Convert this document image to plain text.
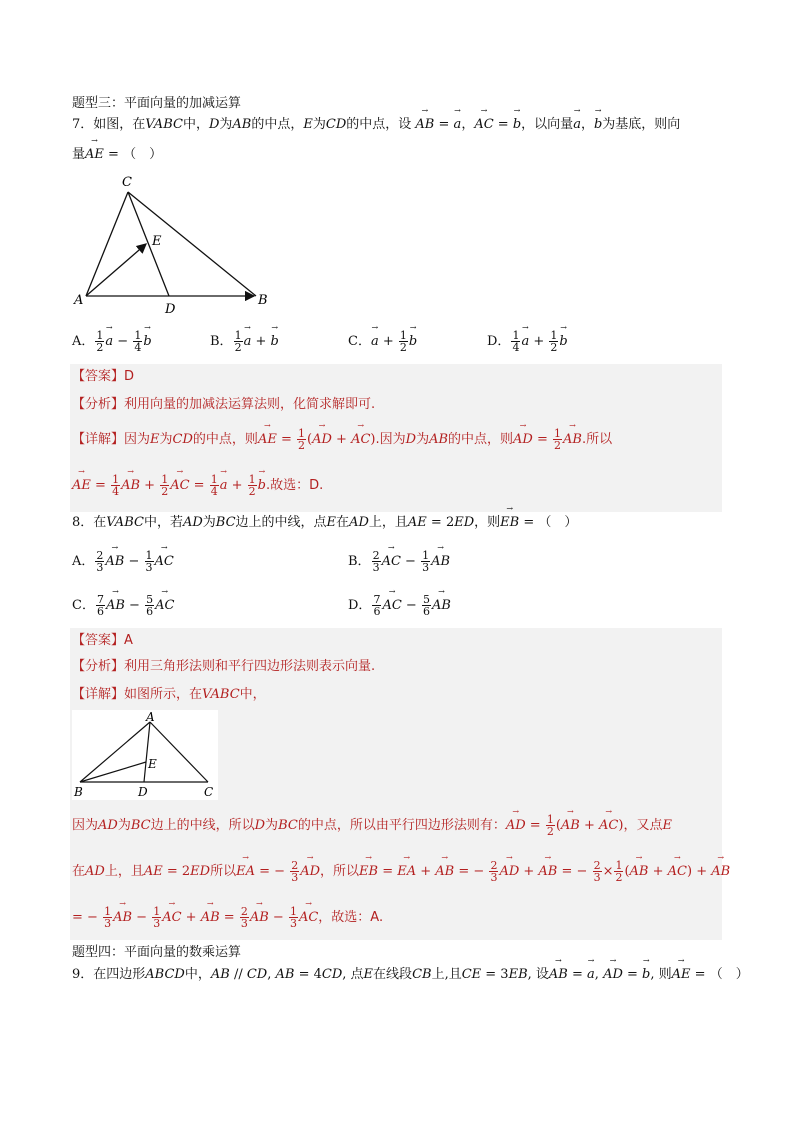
题型三：平面向量的加减运算
7．如图，在VABC中，D为AB的中点，E为CD的中点，设 → AB = → a，→ AC = → b，以向量→ a，→ b为基底，则向
量→ AE = （　）
C
A	B
D
E
A． $\frac{1}{2}$
→ $a - \frac{1}{4}$
→ b	B． $\frac{1}{2}$
→ a + → b	C．→ $a + \frac{1}{2}$
→ b	D． $\frac{1}{4}$
→ $a + \frac{1}{2}$
→ b
【答案】D
【分析】利用向量的加减法运算法则，化简求解即可.
【详解】因为E为CD的中点，则→ AE = $\frac{1}{2}$ (→ AD + → AC).因为D为AB的中点，则→ AD = $\frac{1}{2}$
→ AB.所以
→ AE = $\frac{1}{4}$
→ AB + $\frac{1}{2}$
→ AC = $\frac{1}{4}$
→ $a + \frac{1}{2}$
→ b.故选：D.
8．在VABC中，若AD为BC边上的中线，点E在AD上，且AE = 2ED，则→ EB = （　）
A． $\frac{2}{3}$
→ AB − $\frac{1}{3}$
→ AC	B． $\frac{2}{3}$
→ AC − $\frac{1}{3}$
→ AB
C． $\frac{7}{6}$
→ AB − $\frac{5}{6}$
→ AC	D． $\frac{7}{6}$
→ AC − $\frac{5}{6}$
→ AB
【答案】A
【分析】利用三角形法则和平行四边形法则表示向量.
【详解】如图所示，在VABC中，
A
B	D	C
E
因为AD为BC边上的中线，所以D为BC的中点，所以由平行四边形法则有：→ AD = $\frac{1}{2}$ (→ AB + → AC)，又点E
在AD上，且AE = 2ED所以→ EA = − $\frac{2}{3}$
→ AD，所以→ EB = → EA + → AB = − $\frac{2}{3}$
→ AD + → AB = − $\frac{2}{3} \times \frac{1}{2}$ (→ AB + → AC) + → AB
= − $\frac{1}{3}$
→ AB − $\frac{1}{3}$
→ AC + → AB = $\frac{2}{3}$
→ AB − $\frac{1}{3}$
→ AC，故选：A.
题型四：平面向量的数乘运算
9．在四边形ABCD中，AB // CD, AB = 4CD, 点E在线段CB上,且CE = 3EB, 设→ AB = → a, → AD = → b, 则→ AE = （　）
